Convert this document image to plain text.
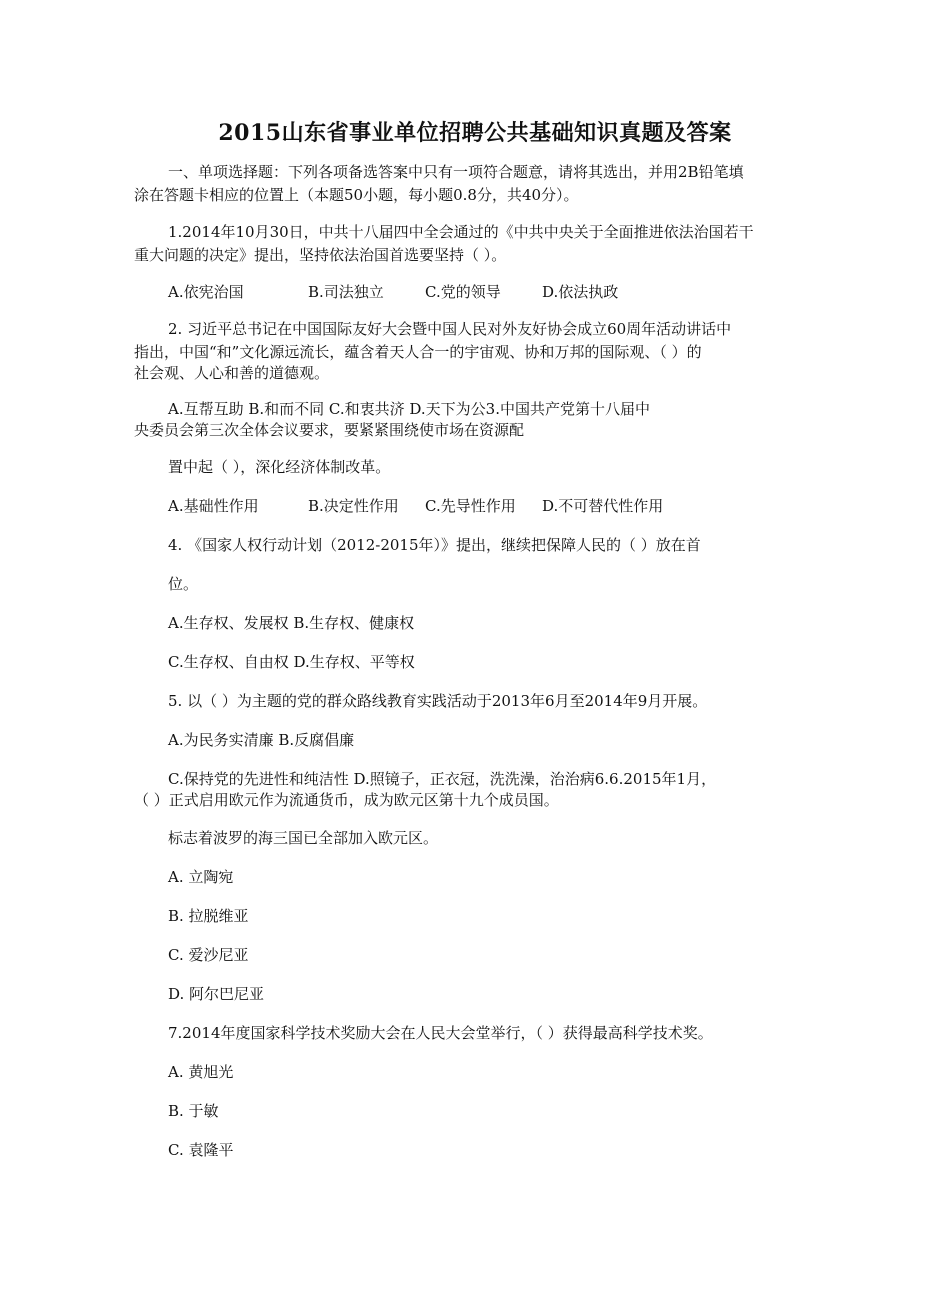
2015山东省事业单位招聘公共基础知识真题及答案
一、单项选择题：下列各项备选答案中只有一项符合题意，请将其选出，并用2B铅笔填
涂在答题卡相应的位置上（本题50小题，每小题0.8分，共40分）。
1.2014年10月30日，中共十八届四中全会通过的《中共中央关于全面推进依法治国若干
重大问题的决定》提出，坚持依法治国首选要坚持（ ）。
A.依宪治国	B.司法独立	C.党的领导	D.依法执政
2. 习近平总书记在中国国际友好大会暨中国人民对外友好协会成立60周年活动讲话中
指出，中国“和”文化源远流长，蕴含着天人合一的宇宙观、协和万邦的国际观、（ ）的
社会观、人心和善的道德观。
A.互帮互助 B.和而不同 C.和衷共济 D.天下为公3.中国共产党第十八届中
央委员会第三次全体会议要求，要紧紧围绕使市场在资源配
置中起（ ），深化经济体制改革。
A.基础性作用	B.决定性作用 C.先导性作用 D.不可替代性作用
4. 《国家人权行动计划（2012-2015年）》提出，继续把保障人民的（ ）放在首
位。
A.生存权、发展权 B.生存权、健康权
C.生存权、自由权 D.生存权、平等权
5. 以（ ）为主题的党的群众路线教育实践活动于2013年6月至2014年9月开展。
A.为民务实清廉 B.反腐倡廉
C.保持党的先进性和纯洁性 D.照镜子，正衣冠，洗洗澡，治治病6.6.2015年1月，
（ ）正式启用欧元作为流通货币，成为欧元区第十九个成员国。
标志着波罗的海三国已全部加入欧元区。
A. 立陶宛
B. 拉脱维亚
C. 爱沙尼亚
D. 阿尔巴尼亚
7.2014年度国家科学技术奖励大会在人民大会堂举行，（ ）获得最高科学技术奖。
A. 黄旭光
B. 于敏
C. 袁隆平
